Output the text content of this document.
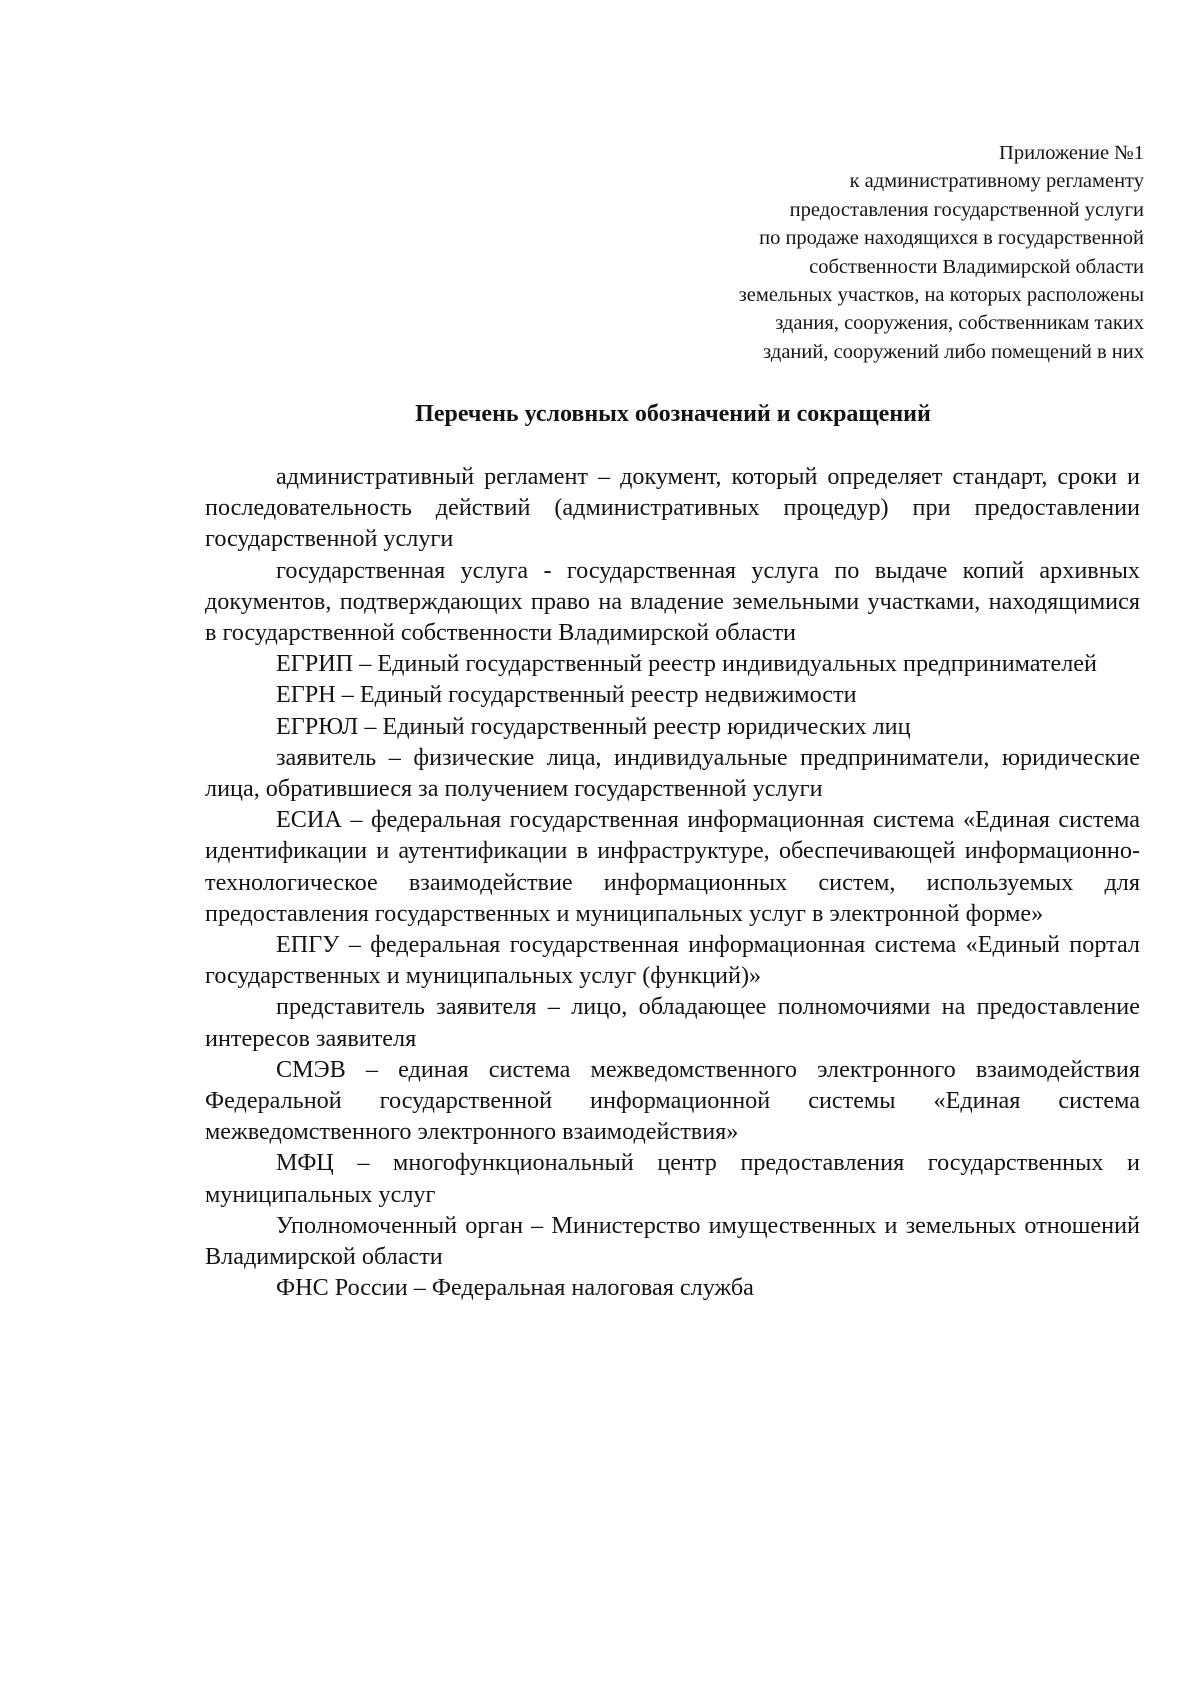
Приложение №1
к административному регламенту
предоставления государственной услуги
по продаже находящихся в государственной
собственности Владимирской области
земельных участков, на которых расположены
здания, сооружения, собственникам таких
зданий, сооружений либо помещений в них
Перечень условных обозначений и сокращений

административный регламент – документ, который определяет стандарт, сроки и последовательность действий (административных процедур) при предоставлении государственной услуги

государственная услуга - государственная услуга по выдаче копий архивных документов, подтверждающих право на владение земельными участками, находящимися в государственной собственности Владимирской области

ЕГРИП – Единый государственный реестр индивидуальных предпринимателей

ЕГРН – Единый государственный реестр недвижимости

ЕГРЮЛ – Единый государственный реестр юридических лиц

заявитель – физические лица, индивидуальные предприниматели, юридические лица, обратившиеся за получением государственной услуги

ЕСИА – федеральная государственная информационная система «Единая система идентификации и аутентификации в инфраструктуре, обеспечивающей информационно-технологическое взаимодействие информационных систем, используемых для предоставления государственных и муниципальных услуг в электронной форме»

ЕПГУ – федеральная государственная информационная система «Единый портал государственных и муниципальных услуг (функций)»

представитель заявителя – лицо, обладающее полномочиями на предоставление интересов заявителя

СМЭВ – единая система межведомственного электронного взаимодействия Федеральной государственной информационной системы «Единая система межведомственного электронного взаимодействия»

МФЦ – многофункциональный центр предоставления государственных и муниципальных услуг

Уполномоченный орган – Министерство имущественных и земельных отношений Владимирской области

ФНС России – Федеральная налоговая служба
